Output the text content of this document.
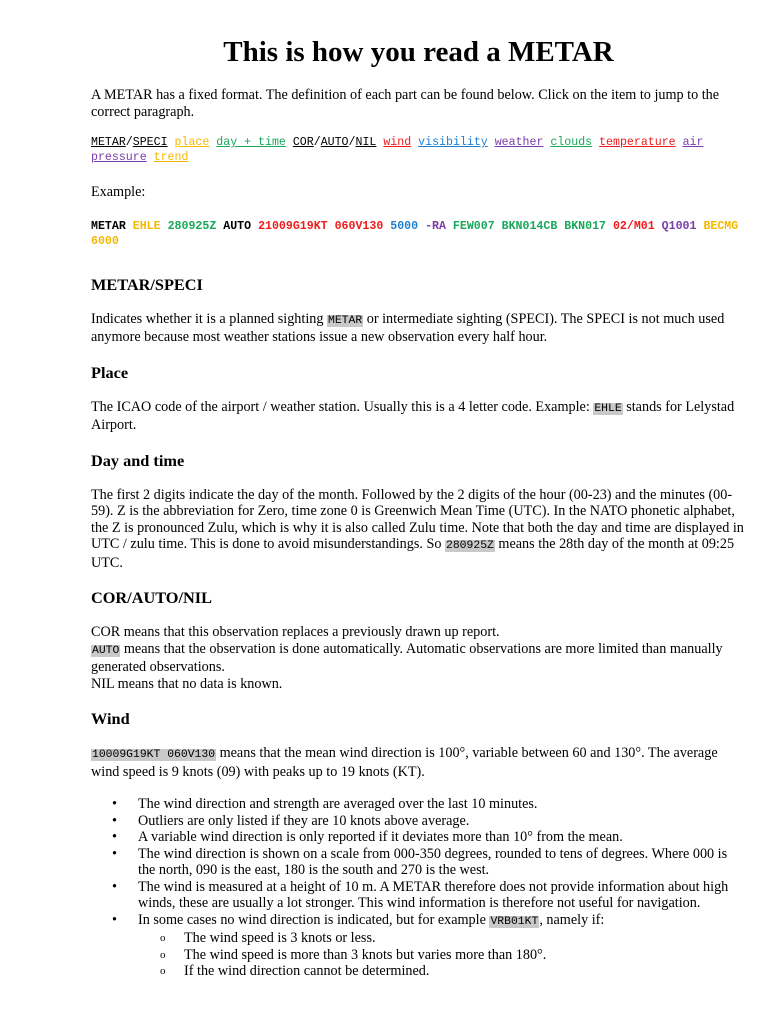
This is how you read a METAR

A METAR has a fixed format. The definition of each part can be found below. Click on the item to jump to the correct paragraph.

METAR/SPECI place day + time COR/AUTO/NIL wind visibility weather clouds temperature air pressure trend

Example:

METAR EHLE 280925Z AUTO 21009G19KT 060V130 5000 -RA FEW007 BKN014CB BKN017 02/M01 Q1001 BECMG 6000

METAR/SPECI

Indicates whether it is a planned sighting METAR or intermediate sighting (SPECI). The SPECI is not much used anymore because most weather stations issue a new observation every half hour.

Place

The ICAO code of the airport / weather station. Usually this is a 4 letter code. Example: EHLE stands for Lelystad Airport.

Day and time

The first 2 digits indicate the day of the month. Followed by the 2 digits of the hour (00-23) and the minutes (00-59). Z is the abbreviation for Zero, time zone 0 is Greenwich Mean Time (UTC). In the NATO phonetic alphabet, the Z is pronounced Zulu, which is why it is also called Zulu time. Note that both the day and time are displayed in UTC / zulu time. This is done to avoid misunderstandings. So 280925Z means the 28th day of the month at 09:25 UTC.

COR/AUTO/NIL

COR means that this observation replaces a previously drawn up report.
AUTO means that the observation is done automatically. Automatic observations are more limited than manually generated observations.
NIL means that no data is known.

Wind

10009G19KT 060V130 means that the mean wind direction is 100°, variable between 60 and 130°. The average wind speed is 9 knots (09) with peaks up to 19 knots (KT).

• The wind direction and strength are averaged over the last 10 minutes.
• Outliers are only listed if they are 10 knots above average.
• A variable wind direction is only reported if it deviates more than 10° from the mean.
• The wind direction is shown on a scale from 000-350 degrees, rounded to tens of degrees. Where 000 is the north, 090 is the east, 180 is the south and 270 is the west.
• The wind is measured at a height of 10 m. A METAR therefore does not provide information about high winds, these are usually a lot stronger. This wind information is therefore not useful for navigation.
• In some cases no wind direction is indicated, but for example VRB01KT, namely if:
o The wind speed is 3 knots or less.
o The wind speed is more than 3 knots but varies more than 180°.
o If the wind direction cannot be determined.
